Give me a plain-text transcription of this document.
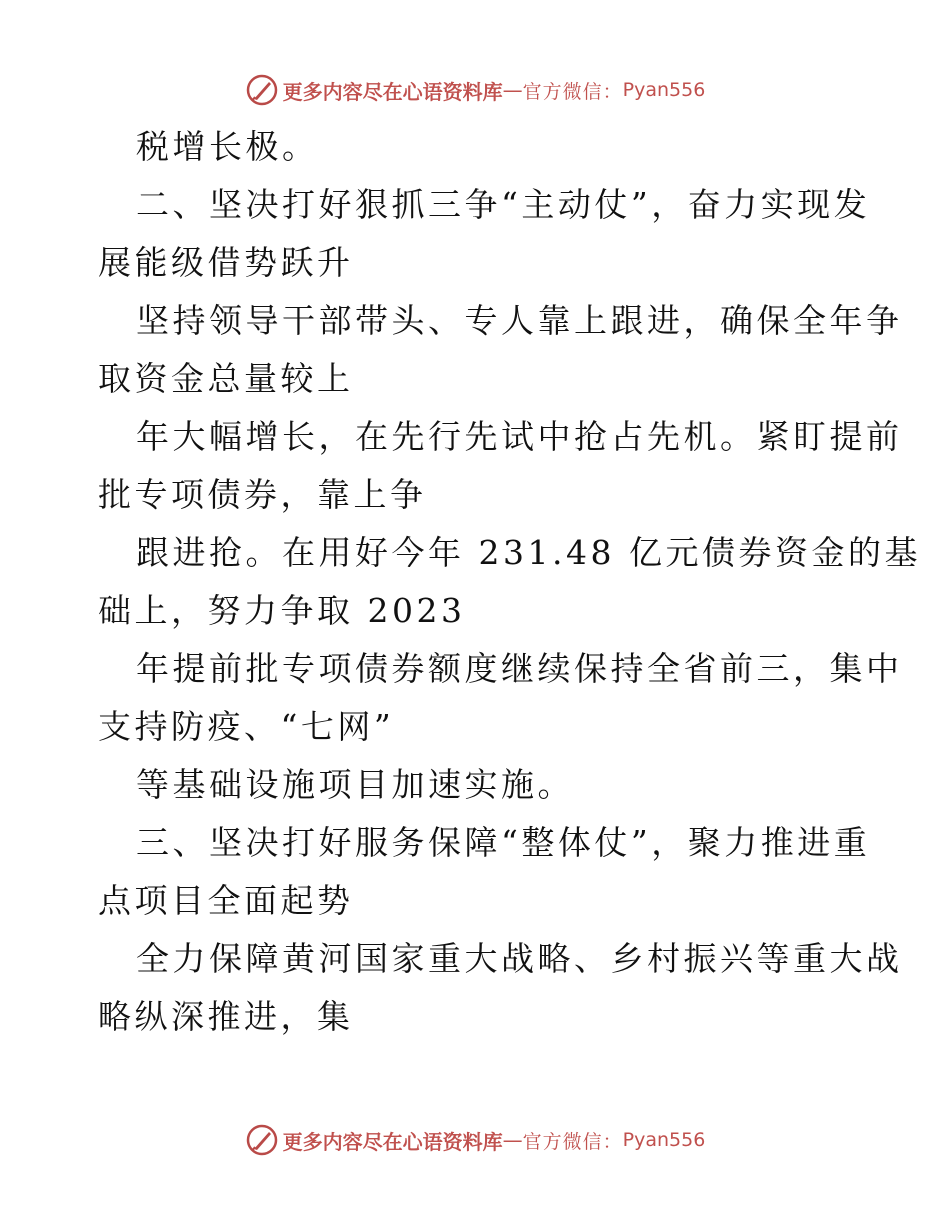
更多内容尽在心语资料库 — 官方微信： Pyan556
税增长极。
二、坚决打好狠抓三争“主动仗”，奋力实现发
展能级借势跃升
坚持领导干部带头、专人靠上跟进，确保全年争
取资金总量较上
年大幅增长，在先行先试中抢占先机。紧盯提前
批专项债券，靠上争
跟进抢。在用好今年 231.48 亿元债券资金的基
础上，努力争取 2023
年提前批专项债券额度继续保持全省前三，集中
支持防疫、“七网”
等基础设施项目加速实施。
三、坚决打好服务保障“整体仗”，聚力推进重
点项目全面起势
全力保障黄河国家重大战略、乡村振兴等重大战
略纵深推进，集
更多内容尽在心语资料库 — 官方微信： Pyan556
